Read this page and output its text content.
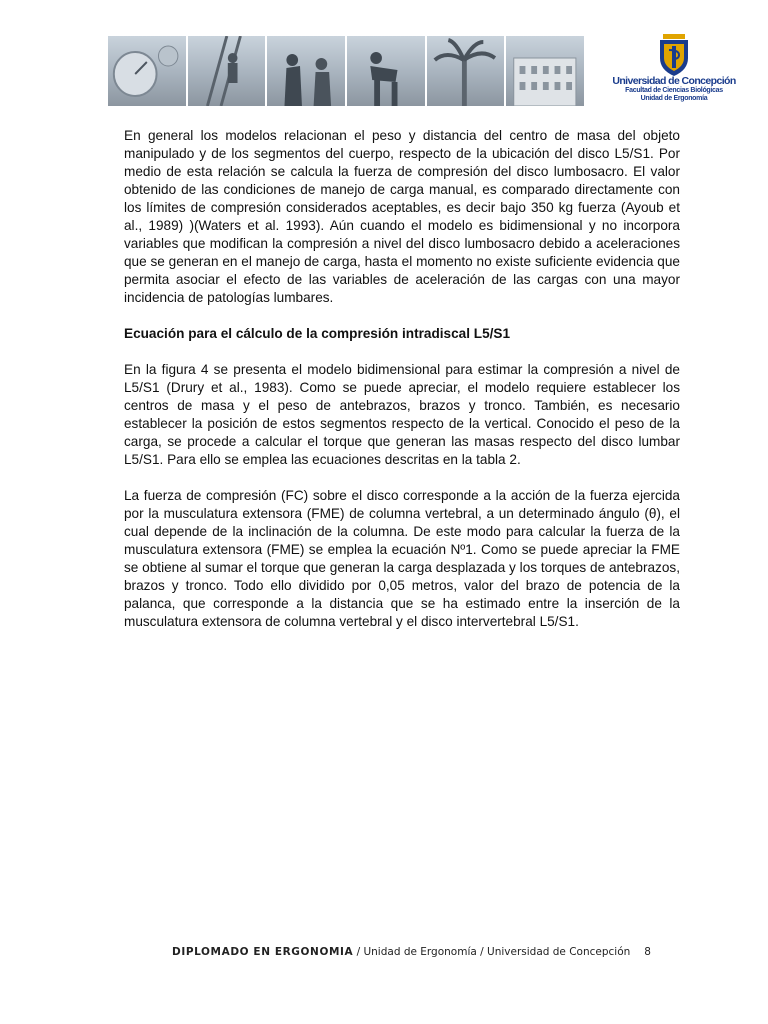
Universidad de Concepción
Facultad de Ciencias Biológicas
Unidad de Ergonomía

En general los modelos relacionan el peso y distancia del centro de masa del objeto manipulado y de los segmentos del cuerpo, respecto de la ubicación del disco L5/S1. Por medio de esta relación se calcula la fuerza de compresión del disco lumbosacro. El valor obtenido de las condiciones de manejo de carga manual, es comparado directamente con los límites de compresión considerados aceptables, es decir bajo 350 kg fuerza (Ayoub et al., 1989) )(Waters et al. 1993). Aún cuando el modelo es bidimensional y no incorpora variables que modifican la compresión a nivel del disco lumbosacro debido a aceleraciones que se generan en el manejo de carga, hasta el momento no existe suficiente evidencia que permita asociar el efecto de las variables de aceleración de las cargas con una mayor incidencia de patologías lumbares.

Ecuación para el cálculo de la compresión intradiscal L5/S1

En la figura 4 se presenta el modelo bidimensional para estimar la compresión a nivel de L5/S1 (Drury et al., 1983). Como se puede apreciar, el modelo requiere establecer los centros de masa y el peso de antebrazos, brazos y tronco. También, es necesario establecer la posición de estos segmentos respecto de la vertical. Conocido el peso de la carga, se procede a calcular el torque que generan las masas respecto del disco lumbar L5/S1. Para ello se emplea las ecuaciones descritas en la tabla 2.

La fuerza de compresión (FC) sobre el disco corresponde a la acción de la fuerza ejercida por la musculatura extensora (FME) de columna vertebral, a un determinado ángulo (θ), el cual depende de la inclinación de la columna. De este modo para calcular la fuerza de la musculatura extensora (FME) se emplea la ecuación Nº1. Como se puede apreciar la FME se obtiene al sumar el torque que generan la carga desplazada y los torques de antebrazos, brazos y tronco. Todo ello dividido por 0,05 metros, valor del brazo de potencia de la palanca, que corresponde a la distancia que se ha estimado entre la inserción de la musculatura extensora de columna vertebral y el disco intervertebral L5/S1.

DIPLOMADO EN ERGONOMIA / Unidad de Ergonomía / Universidad de Concepción 8
